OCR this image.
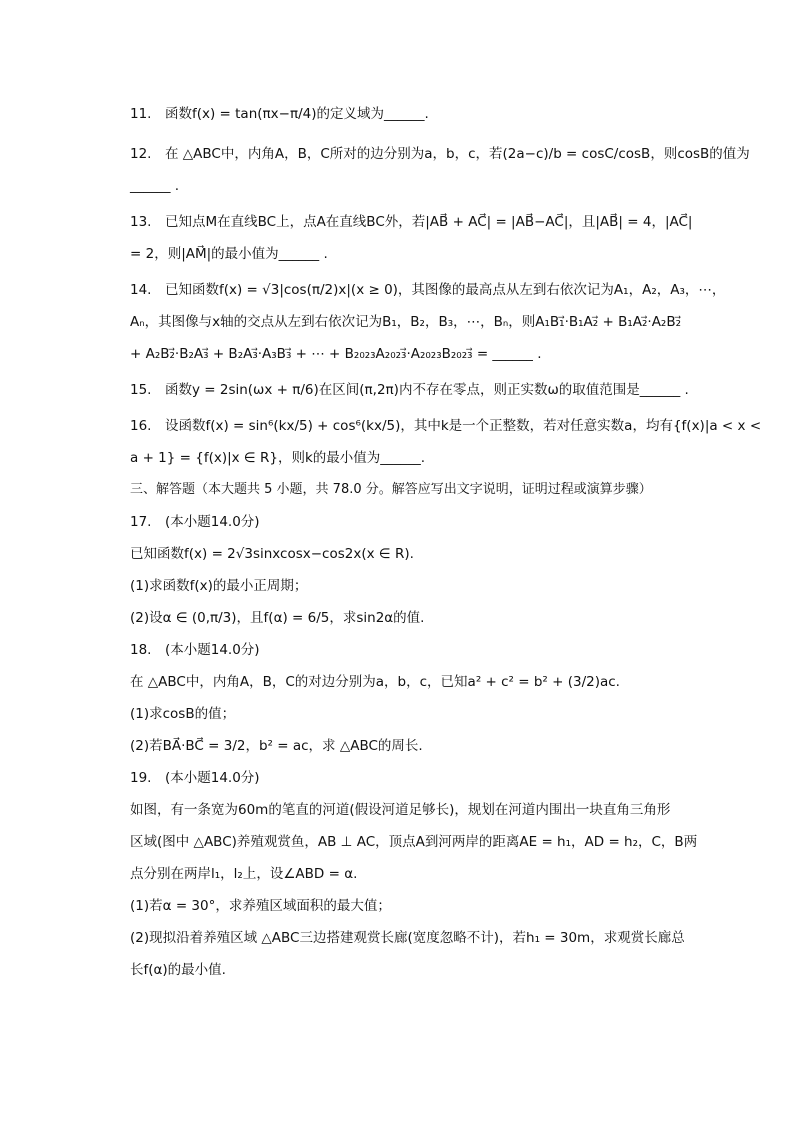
11.　函数f(x) = tan(πx−π/4)的定义域为______.
12.　在 △ABC中，内角A，B，C所对的边分别为a，b，c，若(2a−c)/b = cosC/cosB，则cosB的值为
______ .
13.　已知点M在直线BC上，点A在直线BC外，若|AB⃗ + AC⃗| = |AB⃗−AC⃗|，且|AB⃗| = 4，|AC⃗|
= 2，则|AM⃗|的最小值为______ .
14.　已知函数f(x) = √3|cos(π/2)x|(x ≥ 0)，其图像的最高点从左到右依次记为A₁，A₂，A₃，⋯，
Aₙ，其图像与x轴的交点从左到右依次记为B₁，B₂，B₃，⋯，Bₙ，则A₁B₁⃗·B₁A₂⃗ + B₁A₂⃗·A₂B₂⃗
+ A₂B₂⃗·B₂A₃⃗ + B₂A₃⃗·A₃B₃⃗ + ⋯ + B₂₀₂₃A₂₀₂₃⃗·A₂₀₂₃B₂₀₂₃⃗ = ______ .
15.　函数y = 2sin(ωx + π/6)在区间(π,2π)内不存在零点，则正实数ω的取值范围是______ .
16.　设函数f(x) = sin⁶(kx/5) + cos⁶(kx/5)，其中k是一个正整数，若对任意实数a，均有{f(x)|a < x <
a + 1} = {f(x)|x ∈ R}，则k的最小值为______.
三、解答题（本大题共 5 小题，共 78.0 分。解答应写出文字说明，证明过程或演算步骤）
17.　(本小题14.0分)
已知函数f(x) = 2√3sinxcosx−cos2x(x ∈ R).
(1)求函数f(x)的最小正周期；
(2)设α ∈ (0,π/3)，且f(α) = 6/5，求sin2α的值.
18.　(本小题14.0分)
在 △ABC中，内角A，B，C的对边分别为a，b，c，已知a² + c² = b² + (3/2)ac.
(1)求cosB的值；
(2)若BA⃗·BC⃗ = 3/2，b² = ac，求 △ABC的周长.
19.　(本小题14.0分)
如图，有一条宽为60m的笔直的河道(假设河道足够长)，规划在河道内围出一块直角三角形
区域(图中 △ABC)养殖观赏鱼，AB ⊥ AC，顶点A到河两岸的距离AE = h₁，AD = h₂，C，B两
点分别在两岸l₁，l₂上，设∠ABD = α.
(1)若α = 30°，求养殖区域面积的最大值；
(2)现拟沿着养殖区域 △ABC三边搭建观赏长廊(宽度忽略不计)，若h₁ = 30m，求观赏长廊总
长f(α)的最小值.
